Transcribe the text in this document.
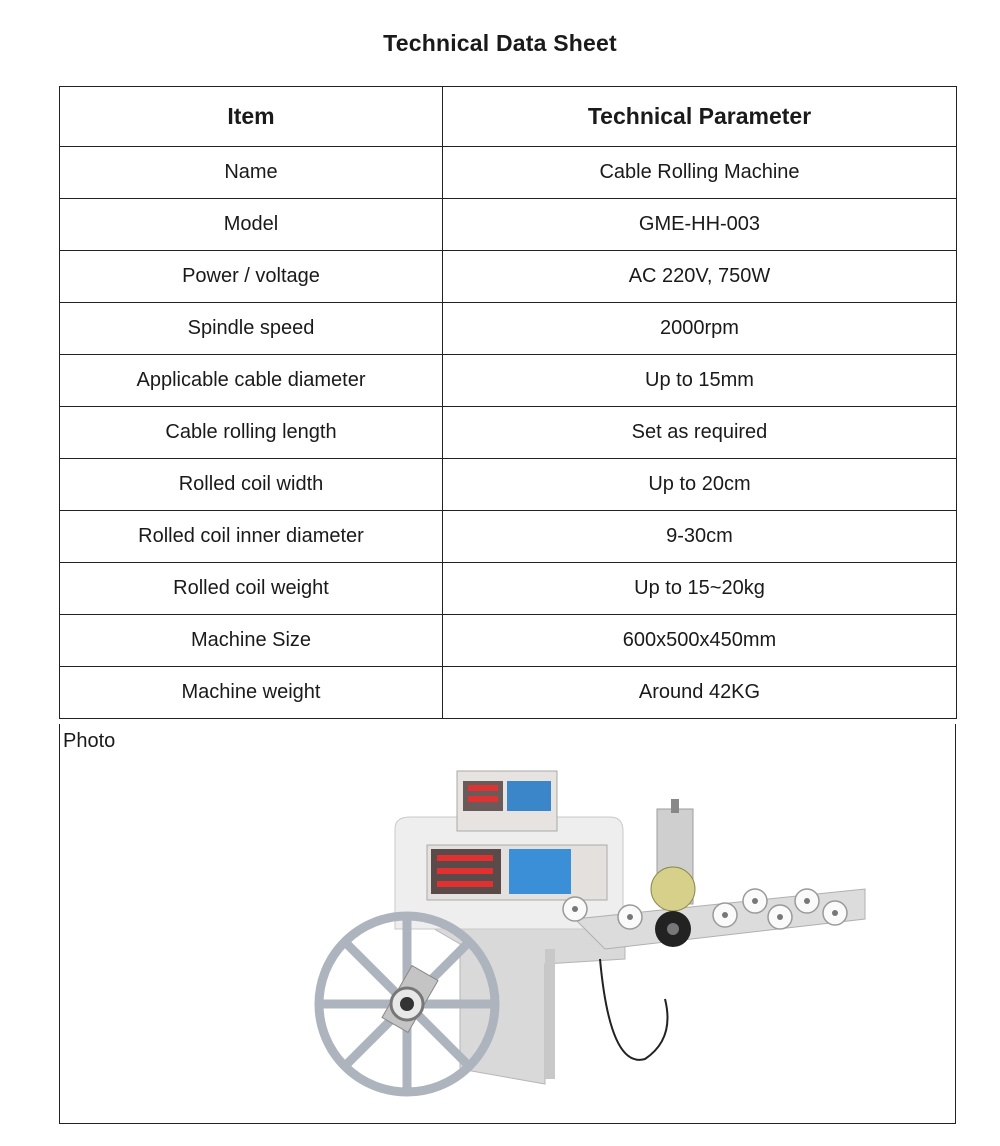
Technical Data Sheet
Item	Technical Parameter
Name	Cable Rolling Machine
Model	GME-HH-003
Power / voltage	AC 220V, 750W
Spindle speed	2000rpm
Applicable cable diameter	Up to 15mm
Cable rolling length	Set as required
Rolled coil width	Up to 20cm
Rolled coil inner diameter	9-30cm
Rolled coil weight	Up to 15~20kg
Machine Size	600x500x450mm
Machine weight	Around 42KG
Photo
